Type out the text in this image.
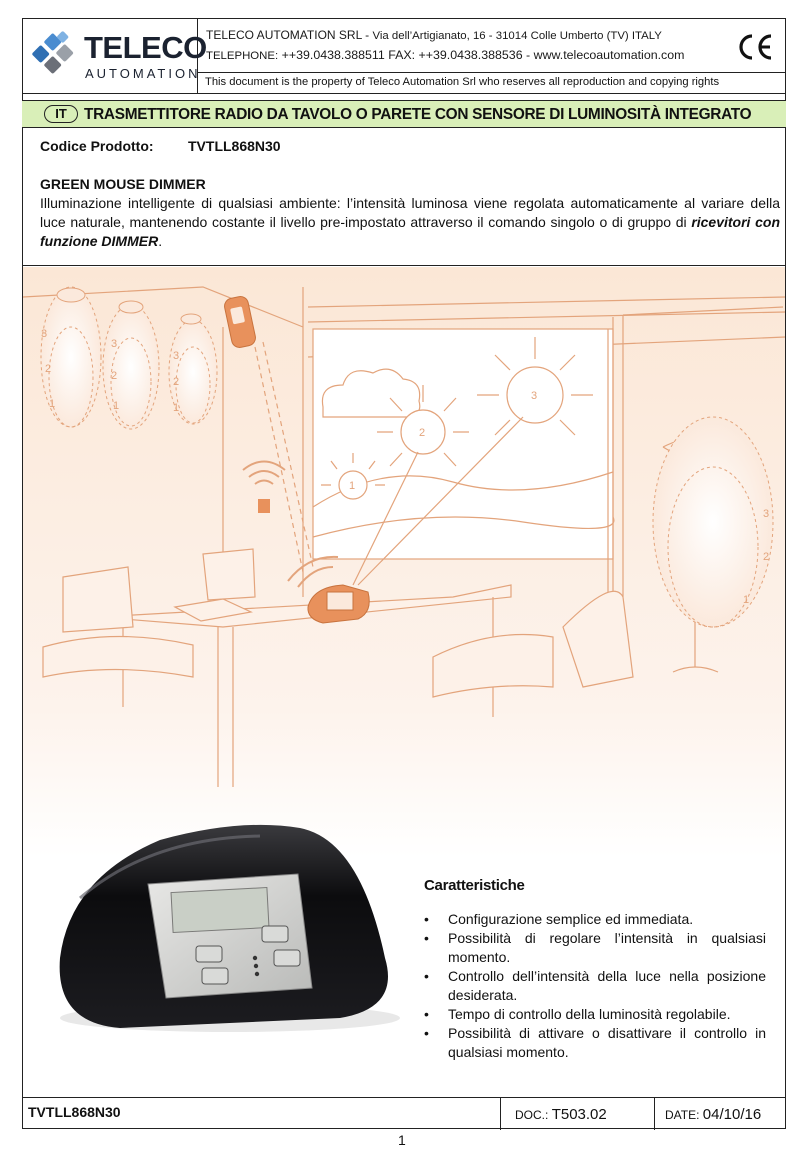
TELECO
AUTOMATION
TELECO AUTOMATION SRL - Via dell’Artigianato, 16 - 31014 Colle Umberto (TV) ITALY
TELEPHONE: ++39.0438.388511 FAX: ++39.0438.388536 - www.telecoautomation.com
This document is the property of Teleco Automation Srl who reserves all reproduction and copying rights
IT	TRASMETTITORE RADIO DA TAVOLO O PARETE CON SENSORE DI LUMINOSITÀ INTEGRATO
Codice Prodotto: TVTLL868N30
GREEN MOUSE DIMMER
Illuminazione intelligente di qualsiasi ambiente: l’intensità luminosa viene regolata automaticamente al variare della luce naturale, mantenendo costante il livello pre-impostato attraverso il comando singolo o di gruppo di ricevitori con funzione DIMMER.
3
2
1
3
2
1
3
2
1
3
2
1
1
2
3
Caratteristiche
• Configurazione semplice ed immediata.
• Possibilità di regolare l’intensità in qualsiasi momento.
• Controllo dell’intensità della luce nella posizione desiderata.
• Tempo di controllo della luminosità regolabile.
• Possibilità di attivare o disattivare il controllo in qualsiasi momento.
TVTLL868N30	DOC.: T503.02	DATE: 04/10/16
1
